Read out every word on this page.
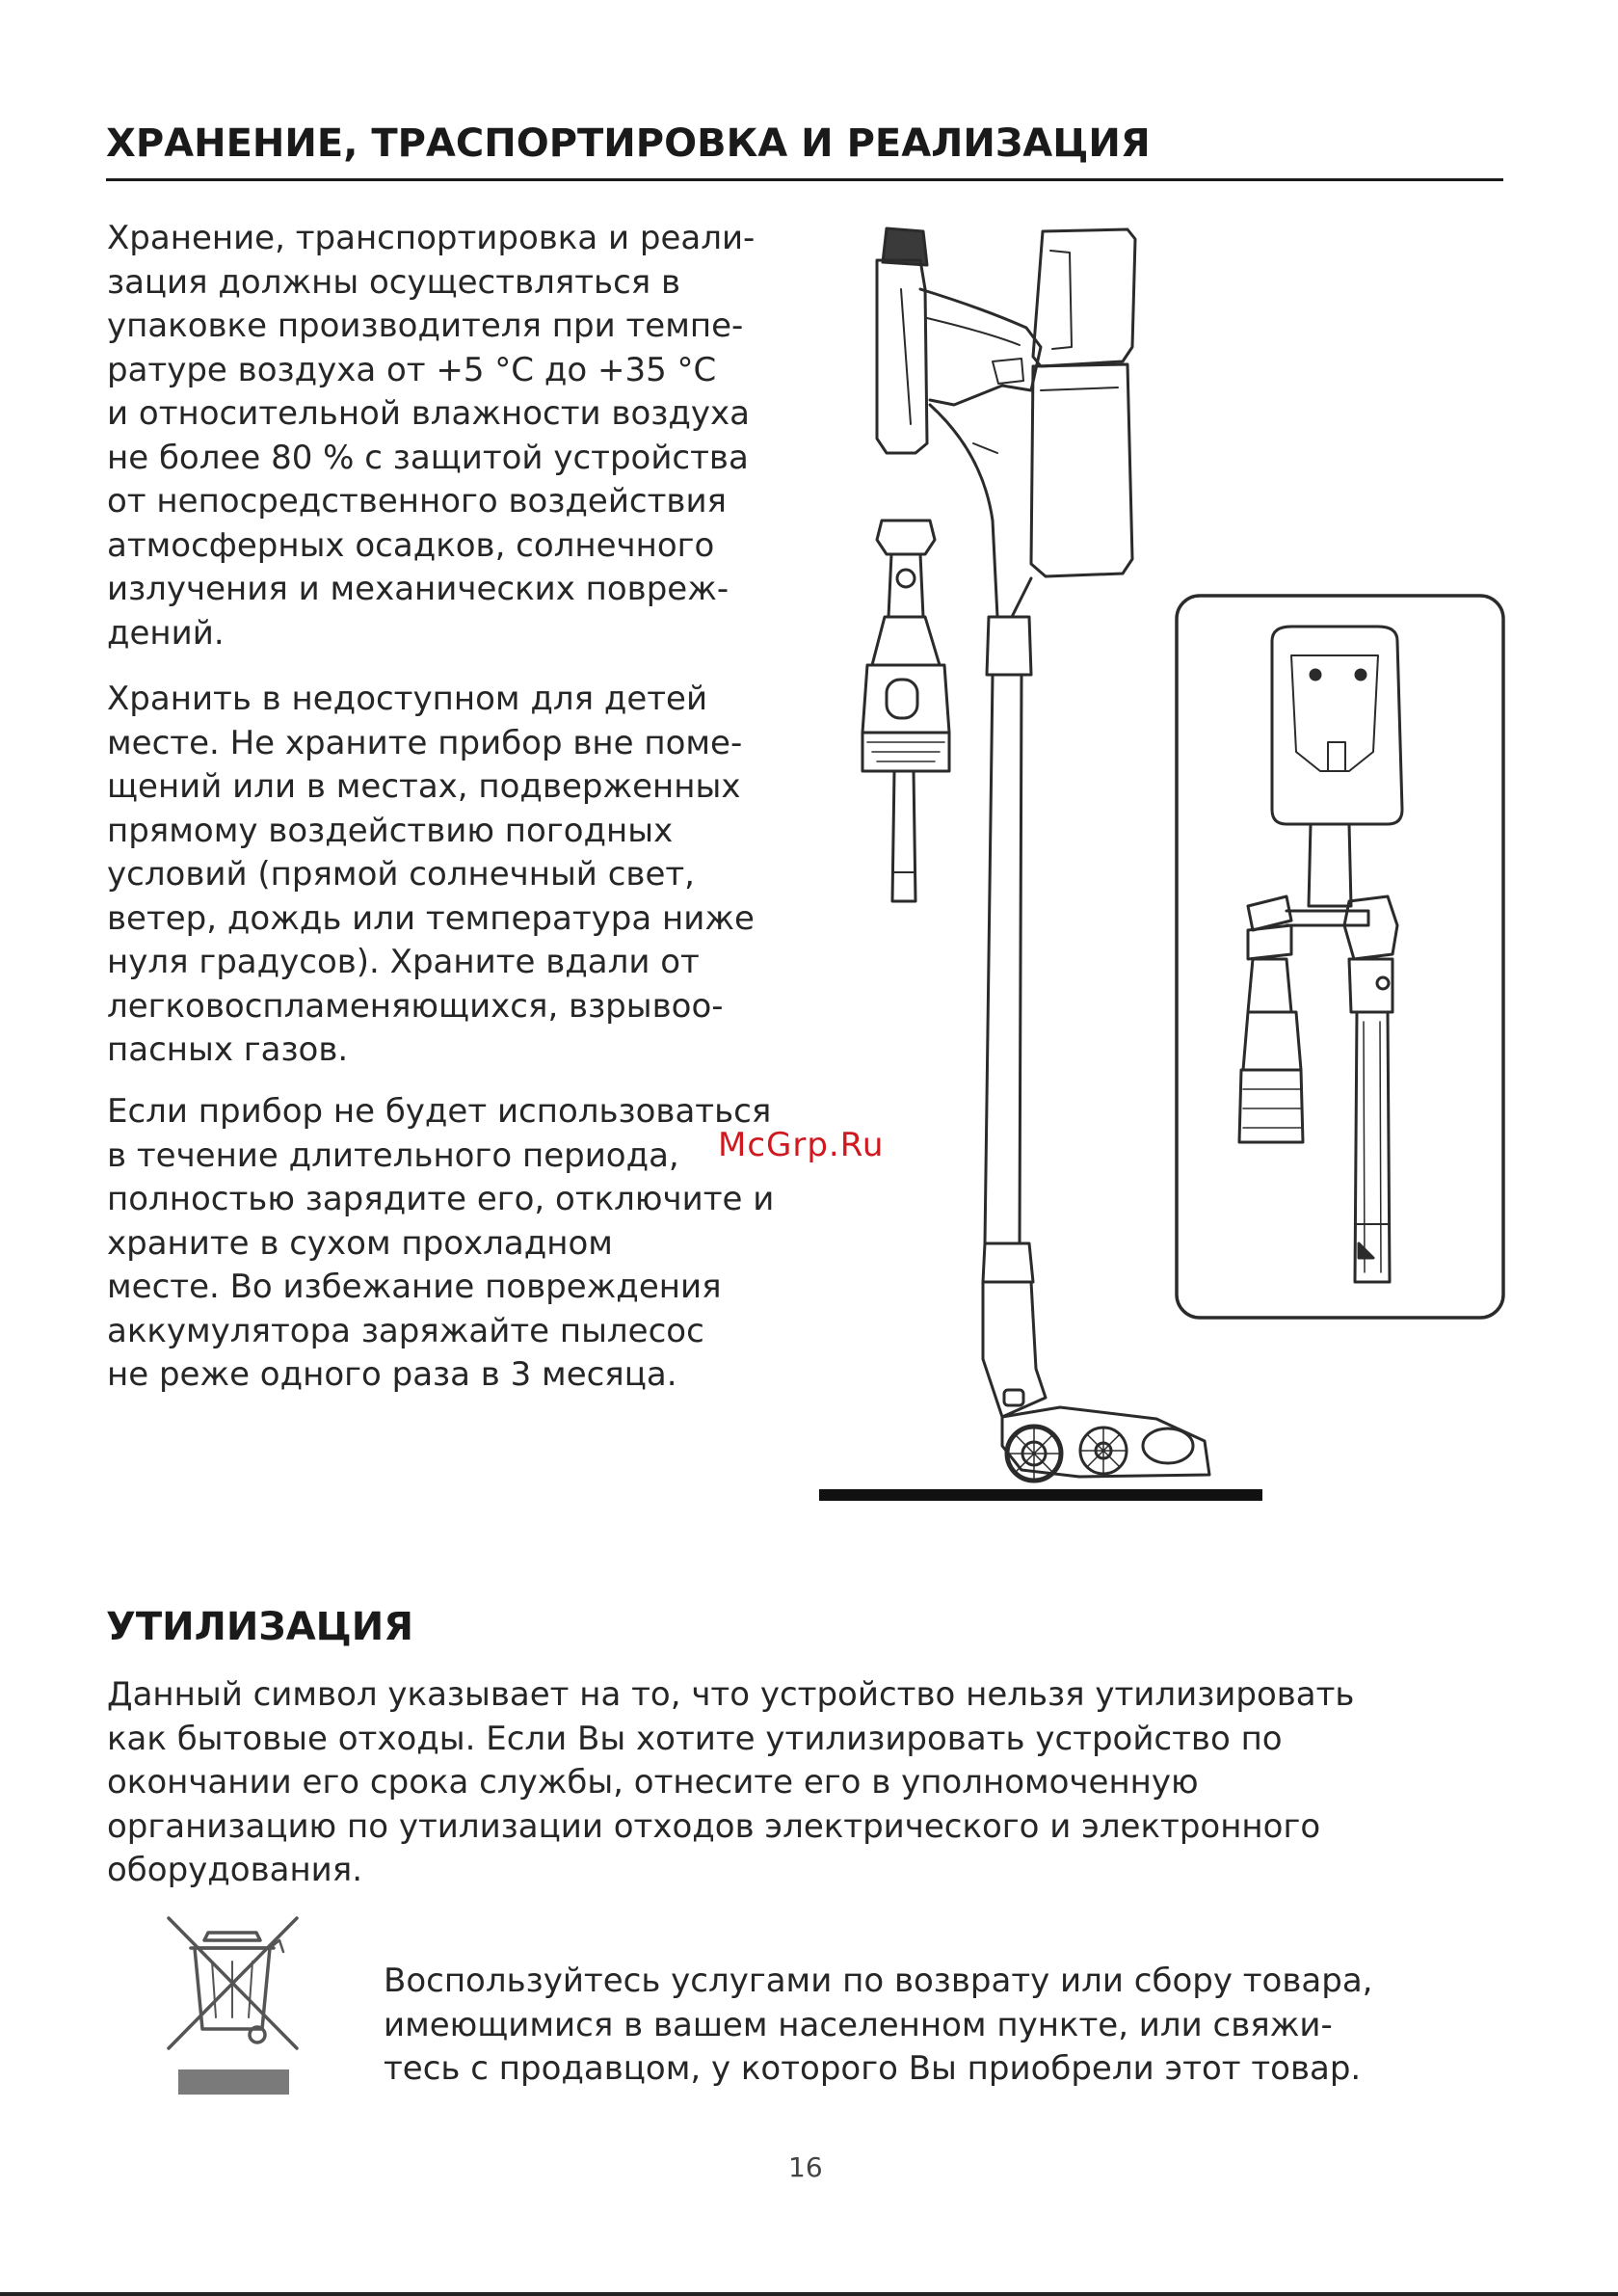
ХРАНЕНИЕ, ТРАСПОРТИРОВКА И РЕАЛИЗАЦИЯ
Хранение, транспортировка и реали-
зация должны осуществляться в
упаковке производителя при темпе-
ратуре воздуха от +5 °С до +35 °С
и относительной влажности воздуха
не более 80 % с защитой устройства
от непосредственного воздействия
атмосферных осадков, солнечного
излучения и механических повреж-
дений.
Хранить в недоступном для детей
месте. Не храните прибор вне поме-
щений или в местах, подверженных
прямому воздействию погодных
условий (прямой солнечный свет,
ветер, дождь или температура ниже
нуля градусов). Храните вдали от
легковоспламеняющихся, взрывоо-
пасных газов.
Если прибор не будет использоваться
в течение длительного периода,
полностью зарядите его, отключите и
храните в сухом прохладном
месте. Во избежание повреждения
аккумулятора заряжайте пылесос
не реже одного раза в 3 месяца.
McGrp.Ru
УТИЛИЗАЦИЯ
Данный символ указывает на то, что устройство нельзя утилизировать
как бытовые отходы. Если Вы хотите утилизировать устройство по
окончании его срока службы, отнесите его в уполномоченную
организацию по утилизации отходов электрического и электронного
оборудования.
Воспользуйтесь услугами по возврату или сбору товара,
имеющимися в вашем населенном пункте, или свяжи-
тесь с продавцом, у которого Вы приобрели этот товар.
16
